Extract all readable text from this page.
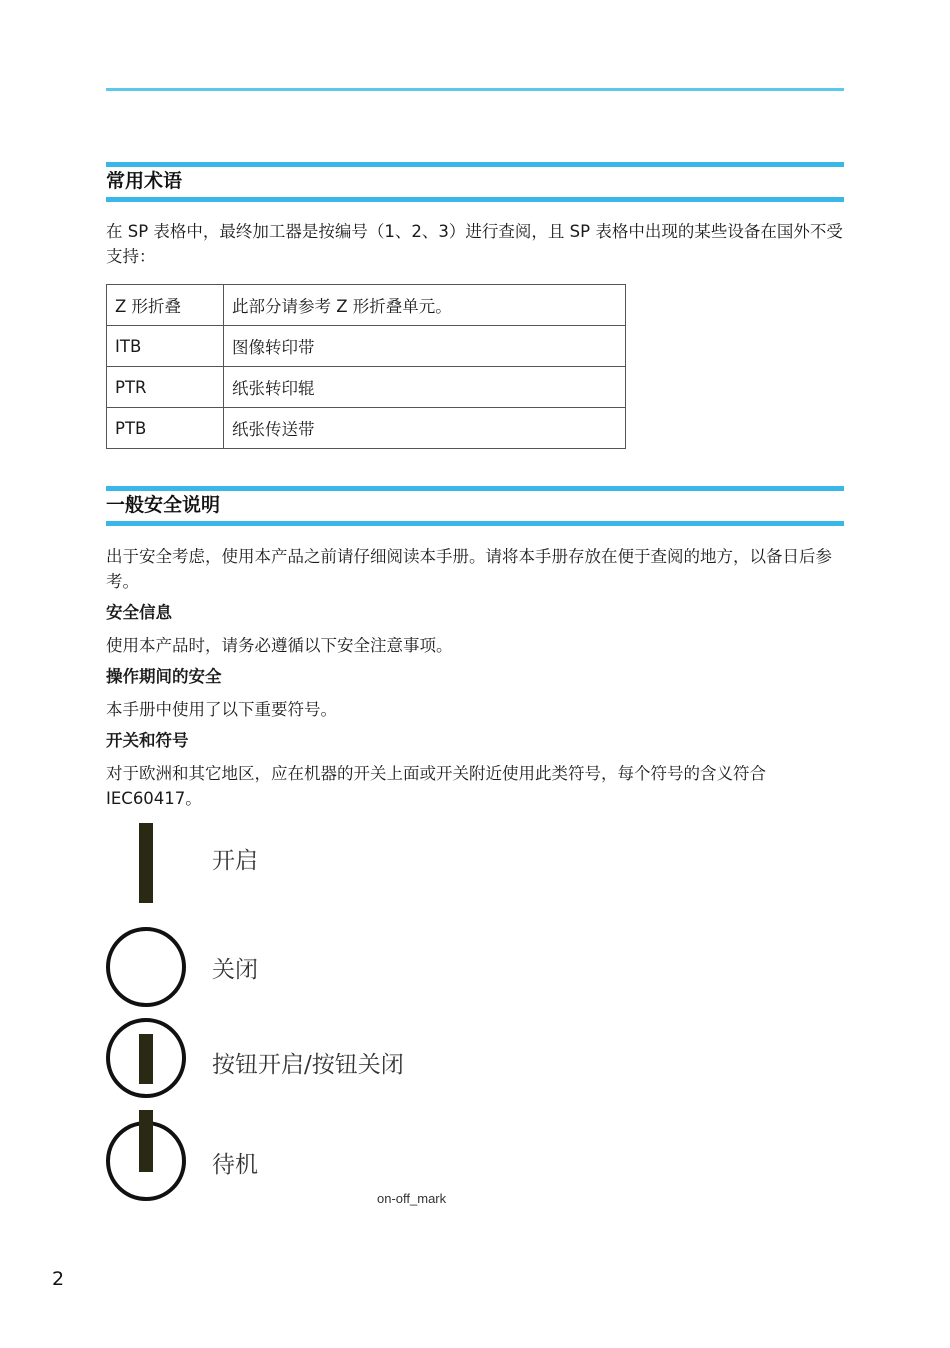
常用术语

在 SP 表格中，最终加工器是按编号（1、2、3）进行查阅，且 SP 表格中出现的某些设备在国外不受支持：

Z 形折叠	此部分请参考 Z 形折叠单元。
ITB	图像转印带
PTR	纸张转印辊
PTB	纸张传送带
一般安全说明

出于安全考虑，使用本产品之前请仔细阅读本手册。请将本手册存放在便于查阅的地方，以备日后参考。

安全信息

使用本产品时，请务必遵循以下安全注意事项。

操作期间的安全

本手册中使用了以下重要符号。

开关和符号

对于欧洲和其它地区，应在机器的开关上面或开关附近使用此类符号，每个符号的含义符合 IEC60417。

开启
关闭
按钮开启/按钮关闭
待机
on-off_mark
2
